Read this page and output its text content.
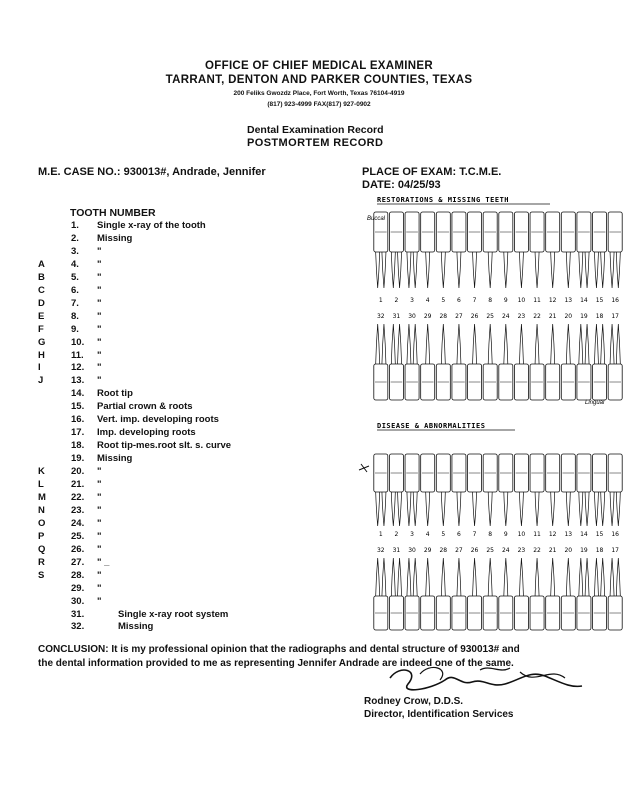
OFFICE OF CHIEF MEDICAL EXAMINER
TARRANT, DENTON AND PARKER COUNTIES, TEXAS
200 Feliks Gwozdz Place, Fort Worth, Texas 76104-4919
(817) 923-4999 FAX(817) 927-0902
Dental Examination Record
POSTMORTEM RECORD
M.E. CASE NO.: 930013#, Andrade, Jennifer	PLACE OF EXAM: T.C.M.E.
DATE: 04/25/93
TOOTH NUMBER
1.	Single x-ray of the tooth
2.	Missing
3.	"
A	4.	"
B	5.	"
C	6.	"
D	7.	"
E	8.	"
F	9.	"
G	10.	"
H	11.	"
I	12.	"
J	13.	"
14.	Root tip
15.	Partial crown & roots
16.	Vert. imp. developing roots
17.	Imp. developing roots
18.	Root tip-mes.root slt. s. curve
19.	Missing
K	20.	"
L	21.	"
M	22.	"
N	23.	"
O	24.	"
P	25.	"
Q	26.	"
R	27.	" _
S	28.	"
29.	"
30.	"
31.	Single x-ray root system
32.	Missing
RESTORATIONS & MISSING TEETH
Buccal
Lingual
1 2 3 4 5 6 7 8 9 10 11 12 13 14 15 16
32 31 30 29 28 27 26 25 24 23 22 21 20 19 18 17
DISEASE & ABNORMALITIES
1 2 3 4 5 6 7 8 9 10 11 12 13 14 15 16
32 31 30 29 28 27 26 25 24 23 22 21 20 19 18 17
CONCLUSION: It is my professional opinion that the radiographs and dental structure of 930013# and
the dental information provided to me as representing Jennifer Andrade are indeed one of the same.
Rodney Crow, D.D.S.
Director, Identification Services
